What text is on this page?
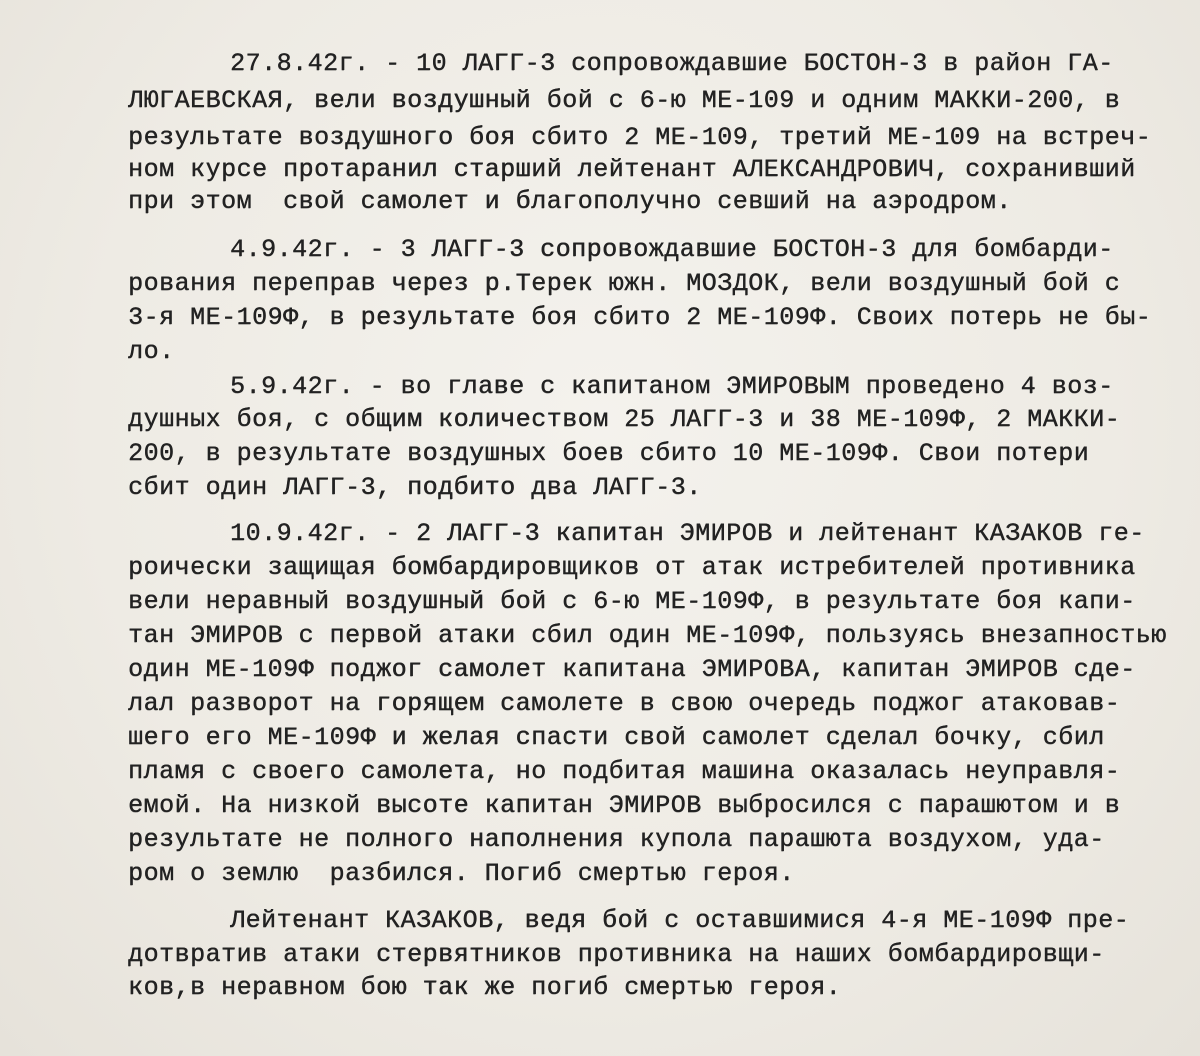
27.8.42г. - 10 ЛАГГ-3 сопровождавшие БОСТОН-3 в район ГА-
ЛЮГАЕВСКАЯ, вели воздушный бой с 6-ю МЕ-109 и одним МАККИ-200, в
результате воздушного боя сбито 2 МЕ-109, третий МЕ-109 на встреч-
ном курсе протаранил старший лейтенант АЛЕКСАНДРОВИЧ, сохранивший
при этом  свой самолет и благополучно севший на аэродром.
4.9.42г. - 3 ЛАГГ-3 сопровождавшие БОСТОН-3 для бомбарди-
рования переправ через р.Терек южн. МОЗДОК, вели воздушный бой с
3-я МЕ-109Ф, в результате боя сбито 2 МЕ-109Ф. Своих потерь не бы-
ло.
5.9.42г. - во главе с капитаном ЭМИРОВЫМ проведено 4 воз-
душных боя, с общим количеством 25 ЛАГГ-3 и 38 МЕ-109Ф, 2 МАККИ-
200, в результате воздушных боев сбито 10 МЕ-109Ф. Свои потери
сбит один ЛАГГ-3, подбито два ЛАГГ-3.
10.9.42г. - 2 ЛАГГ-3 капитан ЭМИРОВ и лейтенант КАЗАКОВ ге-
роически защищая бомбардировщиков от атак истребителей противника
вели неравный воздушный бой с 6-ю МЕ-109Ф, в результате боя капи-
тан ЭМИРОВ с первой атаки сбил один МЕ-109Ф, пользуясь внезапностью
один МЕ-109Ф поджог самолет капитана ЭМИРОВА, капитан ЭМИРОВ сде-
лал разворот на горящем самолете в свою очередь поджог атаковав-
шего его МЕ-109Ф и желая спасти свой самолет сделал бочку, сбил
пламя с своего самолета, но подбитая машина оказалась неуправля-
емой. На низкой высоте капитан ЭМИРОВ выбросился с парашютом и в
результате не полного наполнения купола парашюта воздухом, уда-
ром о землю  разбился. Погиб смертью героя.
Лейтенант КАЗАКОВ, ведя бой с оставшимися 4-я МЕ-109Ф пре-
дотвратив атаки стервятников противника на наших бомбардировщи-
ков,в неравном бою так же погиб смертью героя.
